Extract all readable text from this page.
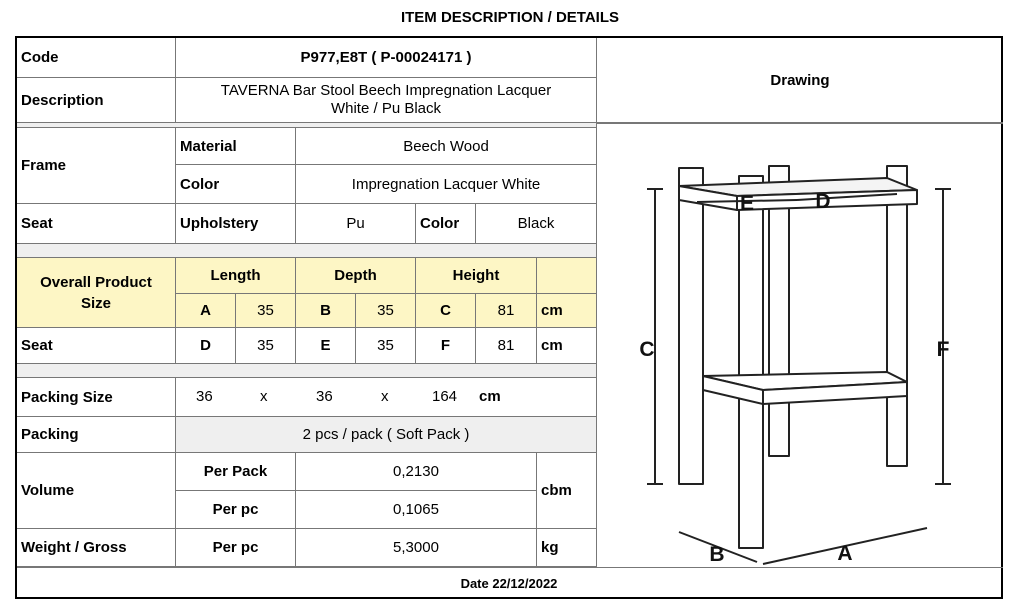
ITEM DESCRIPTION / DETAILS
Code	P977,E8T ( P-00024171 )
Description
TAVERNA Bar Stool Beech Impregnation Lacquer
White / Pu Black
Frame
Material	Beech Wood
Color	Impregnation Lacquer White
Seat	Upholstery	Pu	Color	Black
Overall Product
Size
Length	Depth	Height
A	35	B	35	C	81	cm
Seat	D	35	E	35	F	81	cm
Packing Size	36	x	36	x	164 cm
Packing	2 pcs / pack ( Soft Pack )
Volume
Per Pack	0,2130
Per pc	0,1065
cbm
Weight / Gross	Per pc	5,3000	kg
Drawing
C	F
B	A
E	D
Date 22/12/2022
